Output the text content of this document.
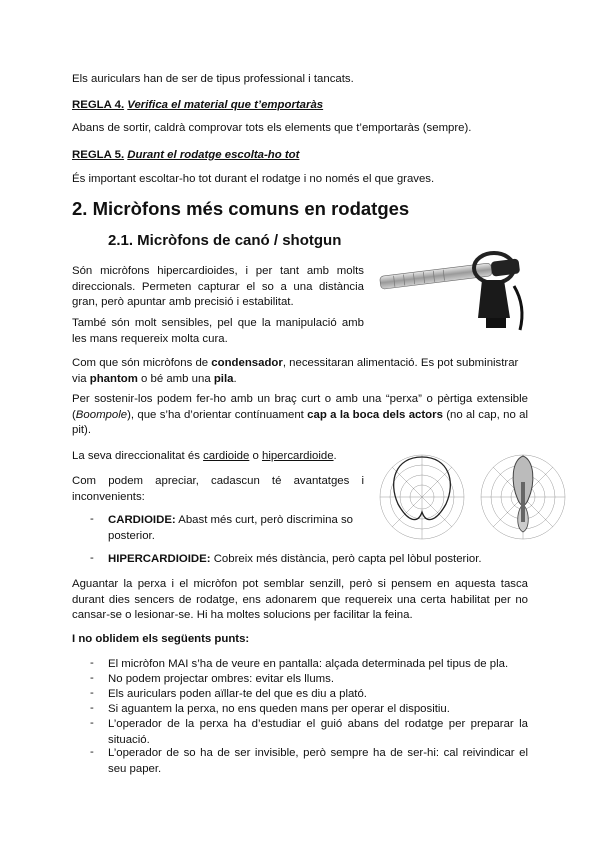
Els auriculars han de ser de tipus professional i tancats.

REGLA 4. Verifica el material que t’emportaràs

Abans de sortir, caldrà comprovar tots els elements que t’emportaràs (sempre).

REGLA 5. Durant el rodatge escolta-ho tot

És important escoltar-ho tot durant el rodatge i no només el que graves.

2. Micròfons més comuns en rodatges
2.1. Micròfons de canó / shotgun

Són micròfons hipercardioides, i per tant amb molts direccionals. Permeten capturar el so a una distància gran, però apuntar amb precisió i estabilitat.

També són molt sensibles, pel que la manipulació amb les mans requereix molta cura.

Com que són micròfons de condensador, necessitaran alimentació. Es pot subministrar via phantom o bé amb una pila.

Per sostenir-los podem fer-ho amb un braç curt o amb una “perxa” o pèrtiga extensible (Boompole), que s’ha d’orientar contínuament cap a la boca dels actors (no al cap, no al pit).

La seva direccionalitat és cardioide o hipercardioide.

Com podem apreciar, cadascun té avantatges i inconvenients:

- CARDIOIDE: Abast més curt, però discrimina so posterior.

- HIPERCARDIOIDE: Cobreix més distància, però capta pel lòbul posterior.

Aguantar la perxa i el micròfon pot semblar senzill, però si pensem en aquesta tasca durant dies sencers de rodatge, ens adonarem que requereix una certa habilitat per no cansar-se o lesionar-se. Hi ha moltes solucions per facilitar la feina.

I no oblidem els següents punts:

- El micròfon MAI s’ha de veure en pantalla: alçada determinada pel tipus de pla.

- No podem projectar ombres: evitar els llums.

- Els auriculars poden aïllar-te del que es diu a plató.

- Si aguantem la perxa, no ens queden mans per operar el dispositiu.

- L’operador de la perxa ha d’estudiar el guió abans del rodatge per preparar la situació.

- L’operador de so ha de ser invisible, però sempre ha de ser-hi: cal reivindicar el seu paper.
